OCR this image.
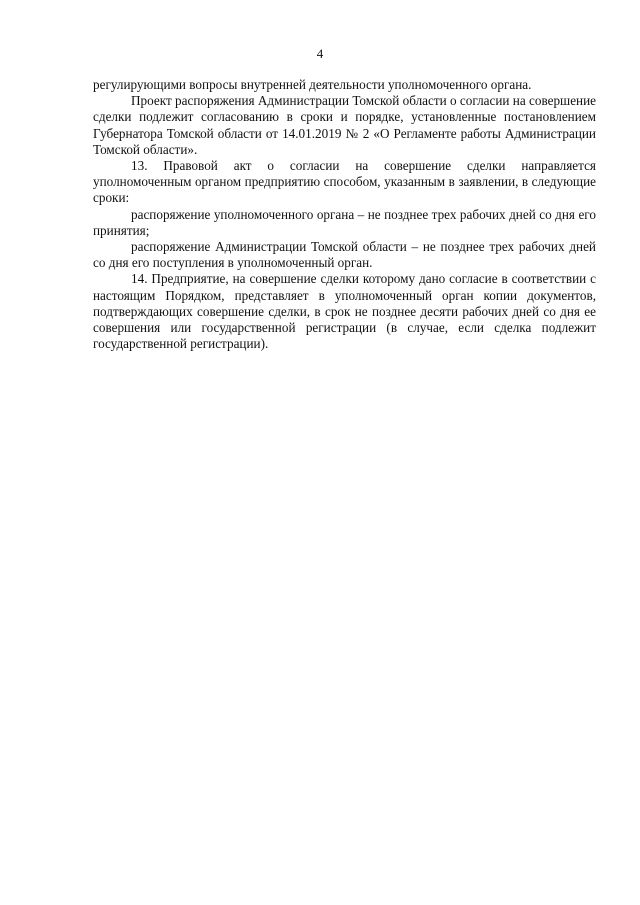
4

регулирующими вопросы внутренней деятельности уполномоченного органа.

Проект распоряжения Администрации Томской области о согласии на совершение сделки подлежит согласованию в сроки и порядке, установленные постановлением Губернатора Томской области от 14.01.2019 № 2 «О Регламенте работы Администрации Томской области».

13. Правовой акт о согласии на совершение сделки направляется уполномоченным органом предприятию способом, указанным в заявлении, в следующие сроки:

распоряжение уполномоченного органа – не позднее трех рабочих дней со дня его принятия;

распоряжение Администрации Томской области – не позднее трех рабочих дней со дня его поступления в уполномоченный орган.

14. Предприятие, на совершение сделки которому дано согласие в соответствии с настоящим Порядком, представляет в уполномоченный орган копии документов, подтверждающих совершение сделки, в срок не позднее десяти рабочих дней со дня ее совершения или государственной регистрации (в случае, если сделка подлежит государственной регистрации).
